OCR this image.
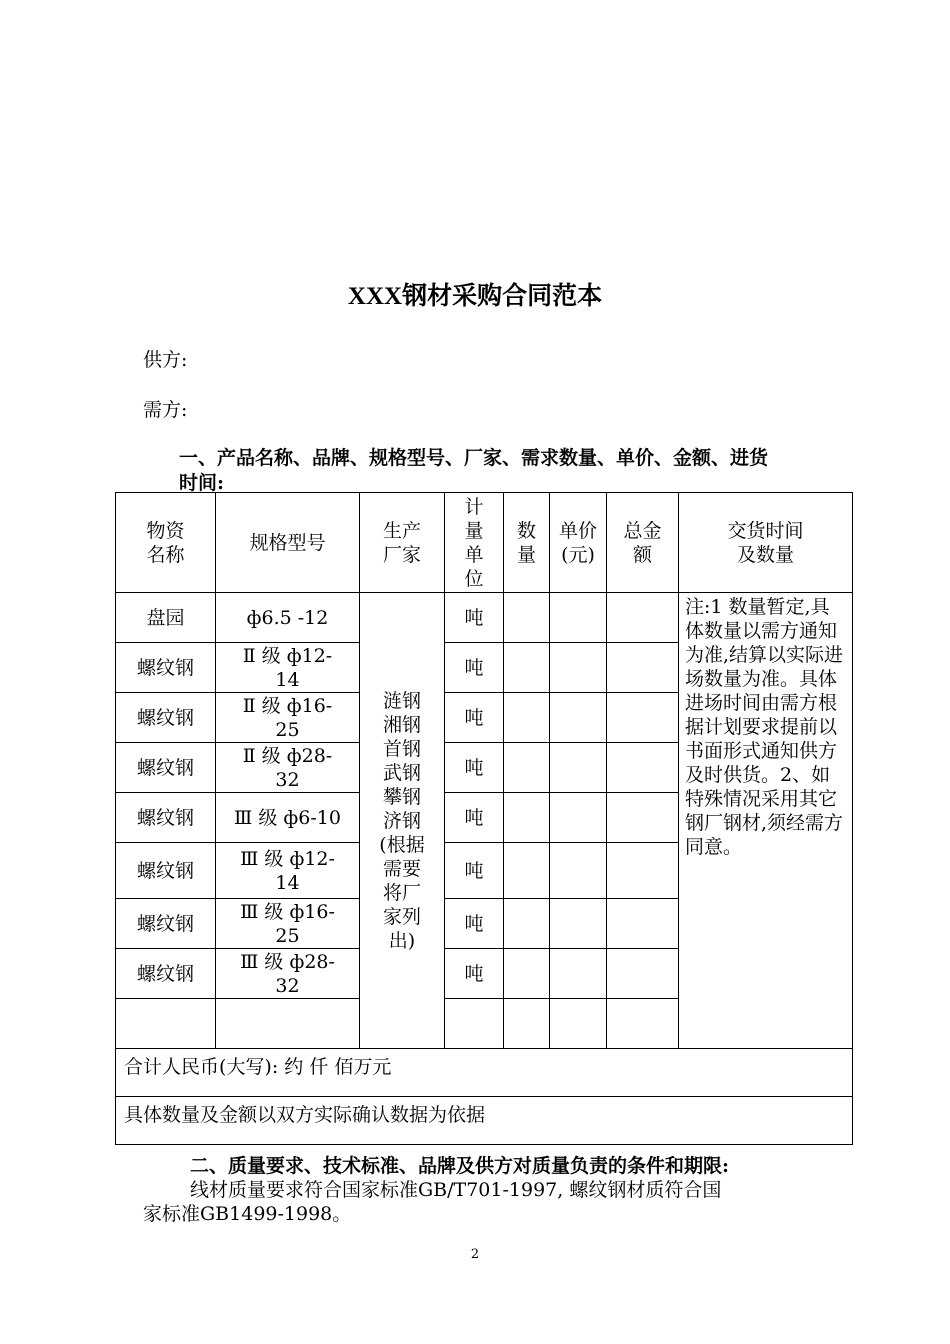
XXX钢材采购合同范本
供方:
需方:
一、产品名称、品牌、规格型号、厂家、需求数量、单价、金额、进货
时间:
物资名称	规格型号	生产厂家	计量单位	数量	单价(元)	总金额	交货时间及数量

盘园	ф6.5 -12	涟钢湘钢首钢武钢攀钢济钢(根据需要将厂家列出)	吨				注:1 数量暂定,具体数量以需方通知为准,结算以实际进场数量为准。具体进场时间由需方根据计划要求提前以书面形式通知供方及时供货。2、如特殊情况采用其它钢厂钢材,须经需方同意。
螺纹钢	Ⅱ 级 ф12-14		吨				
螺纹钢	Ⅱ 级 ф16-25		吨				
螺纹钢	Ⅱ 级 ф28-32		吨				
螺纹钢	Ⅲ 级 ф6-10		吨				
螺纹钢	Ⅲ 级 ф12-14		吨				
螺纹钢	Ⅲ 级 ф16-25		吨				
螺纹钢	Ⅲ 级 ф28-32		吨				

合计人民币(大写): 约 仟 佰万元							
具体数量及金额以双方实际确认数据为依据							
二、质量要求、技术标准、品牌及供方对质量负责的条件和期限:
线材质量要求符合国家标准GB/T701-1997, 螺纹钢材质符合国
家标准GB1499-1998。
2
